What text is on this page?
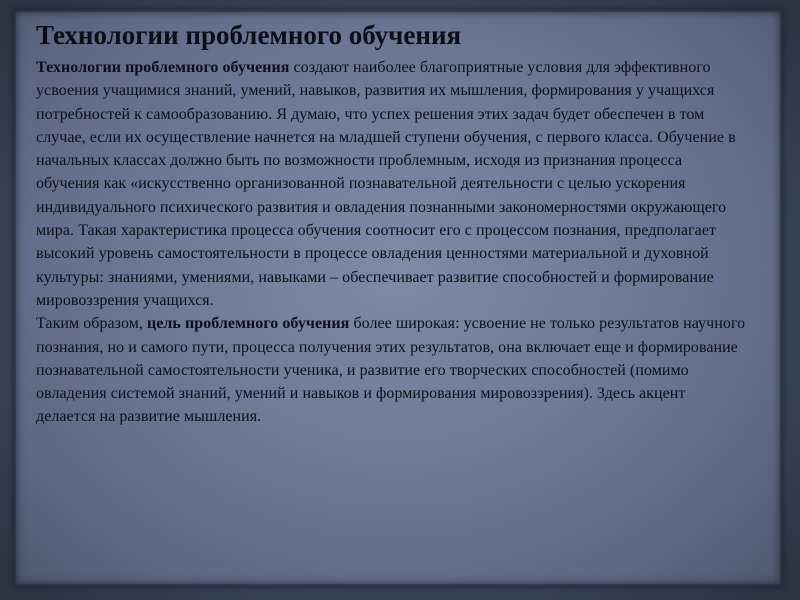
Технологии проблемного обучения

Технологии проблемного обучения создают наиболее благоприятные условия для эффективного усвоения учащимися знаний, умений, навыков, развития их мышления, формирования у учащихся потребностей к самообразованию. Я думаю, что успех решения этих задач будет обеспечен в том случае, если их осуществление начнется на младшей ступени обучения, с первого класса. Обучение в начальных классах должно быть по возможности проблемным, исходя из признания процесса обучения как «искусственно организованной познавательной деятельности с целью ускорения индивидуального психического развития и овладения познанными закономерностями окружающего мира. Такая характеристика процесса обучения соотносит его с процессом познания, предполагает высокий уровень самостоятельности в процессе овладения ценностями материальной и духовной культуры: знаниями, умениями, навыками – обеспечивает развитие способностей и формирование мировоззрения учащихся.

Таким образом, цель проблемного обучения более широкая: усвоение не только результатов научного познания, но и самого пути, процесса получения этих результатов, она включает еще и формирование познавательной самостоятельности ученика, и развитие его творческих способностей (помимо овладения системой знаний, умений и навыков и формирования мировоззрения). Здесь акцент делается на развитие мышления.
